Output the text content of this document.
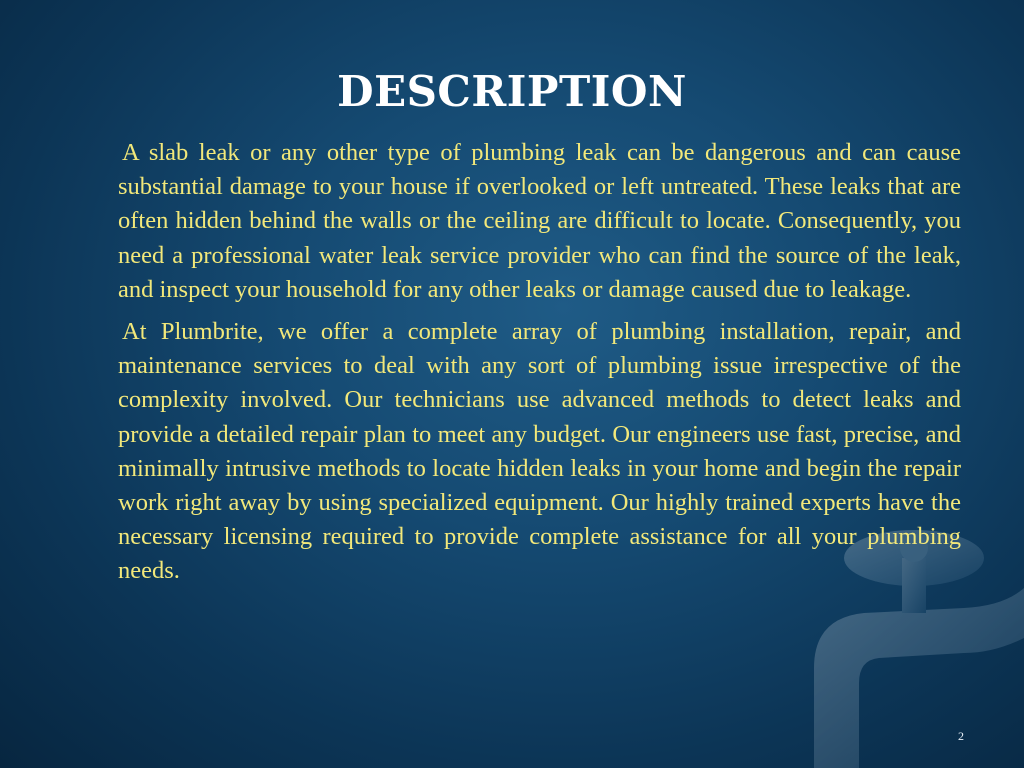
DESCRIPTION

A slab leak or any other type of plumbing leak can be dangerous and can cause substantial damage to your house if overlooked or left untreated. These leaks that are often hidden behind the walls or the ceiling are difficult to locate. Consequently, you need a professional water leak service provider who can find the source of the leak, and inspect your household for any other leaks or damage caused due to leakage.

At Plumbrite, we offer a complete array of plumbing installation, repair, and maintenance services to deal with any sort of plumbing issue irrespective of the complexity involved. Our technicians use advanced methods to detect leaks and provide a detailed repair plan to meet any budget. Our engineers use fast, precise, and minimally intrusive methods to locate hidden leaks in your home and begin the repair work right away by using specialized equipment. Our highly trained experts have the necessary licensing required to provide complete assistance for all your plumbing needs.

2
